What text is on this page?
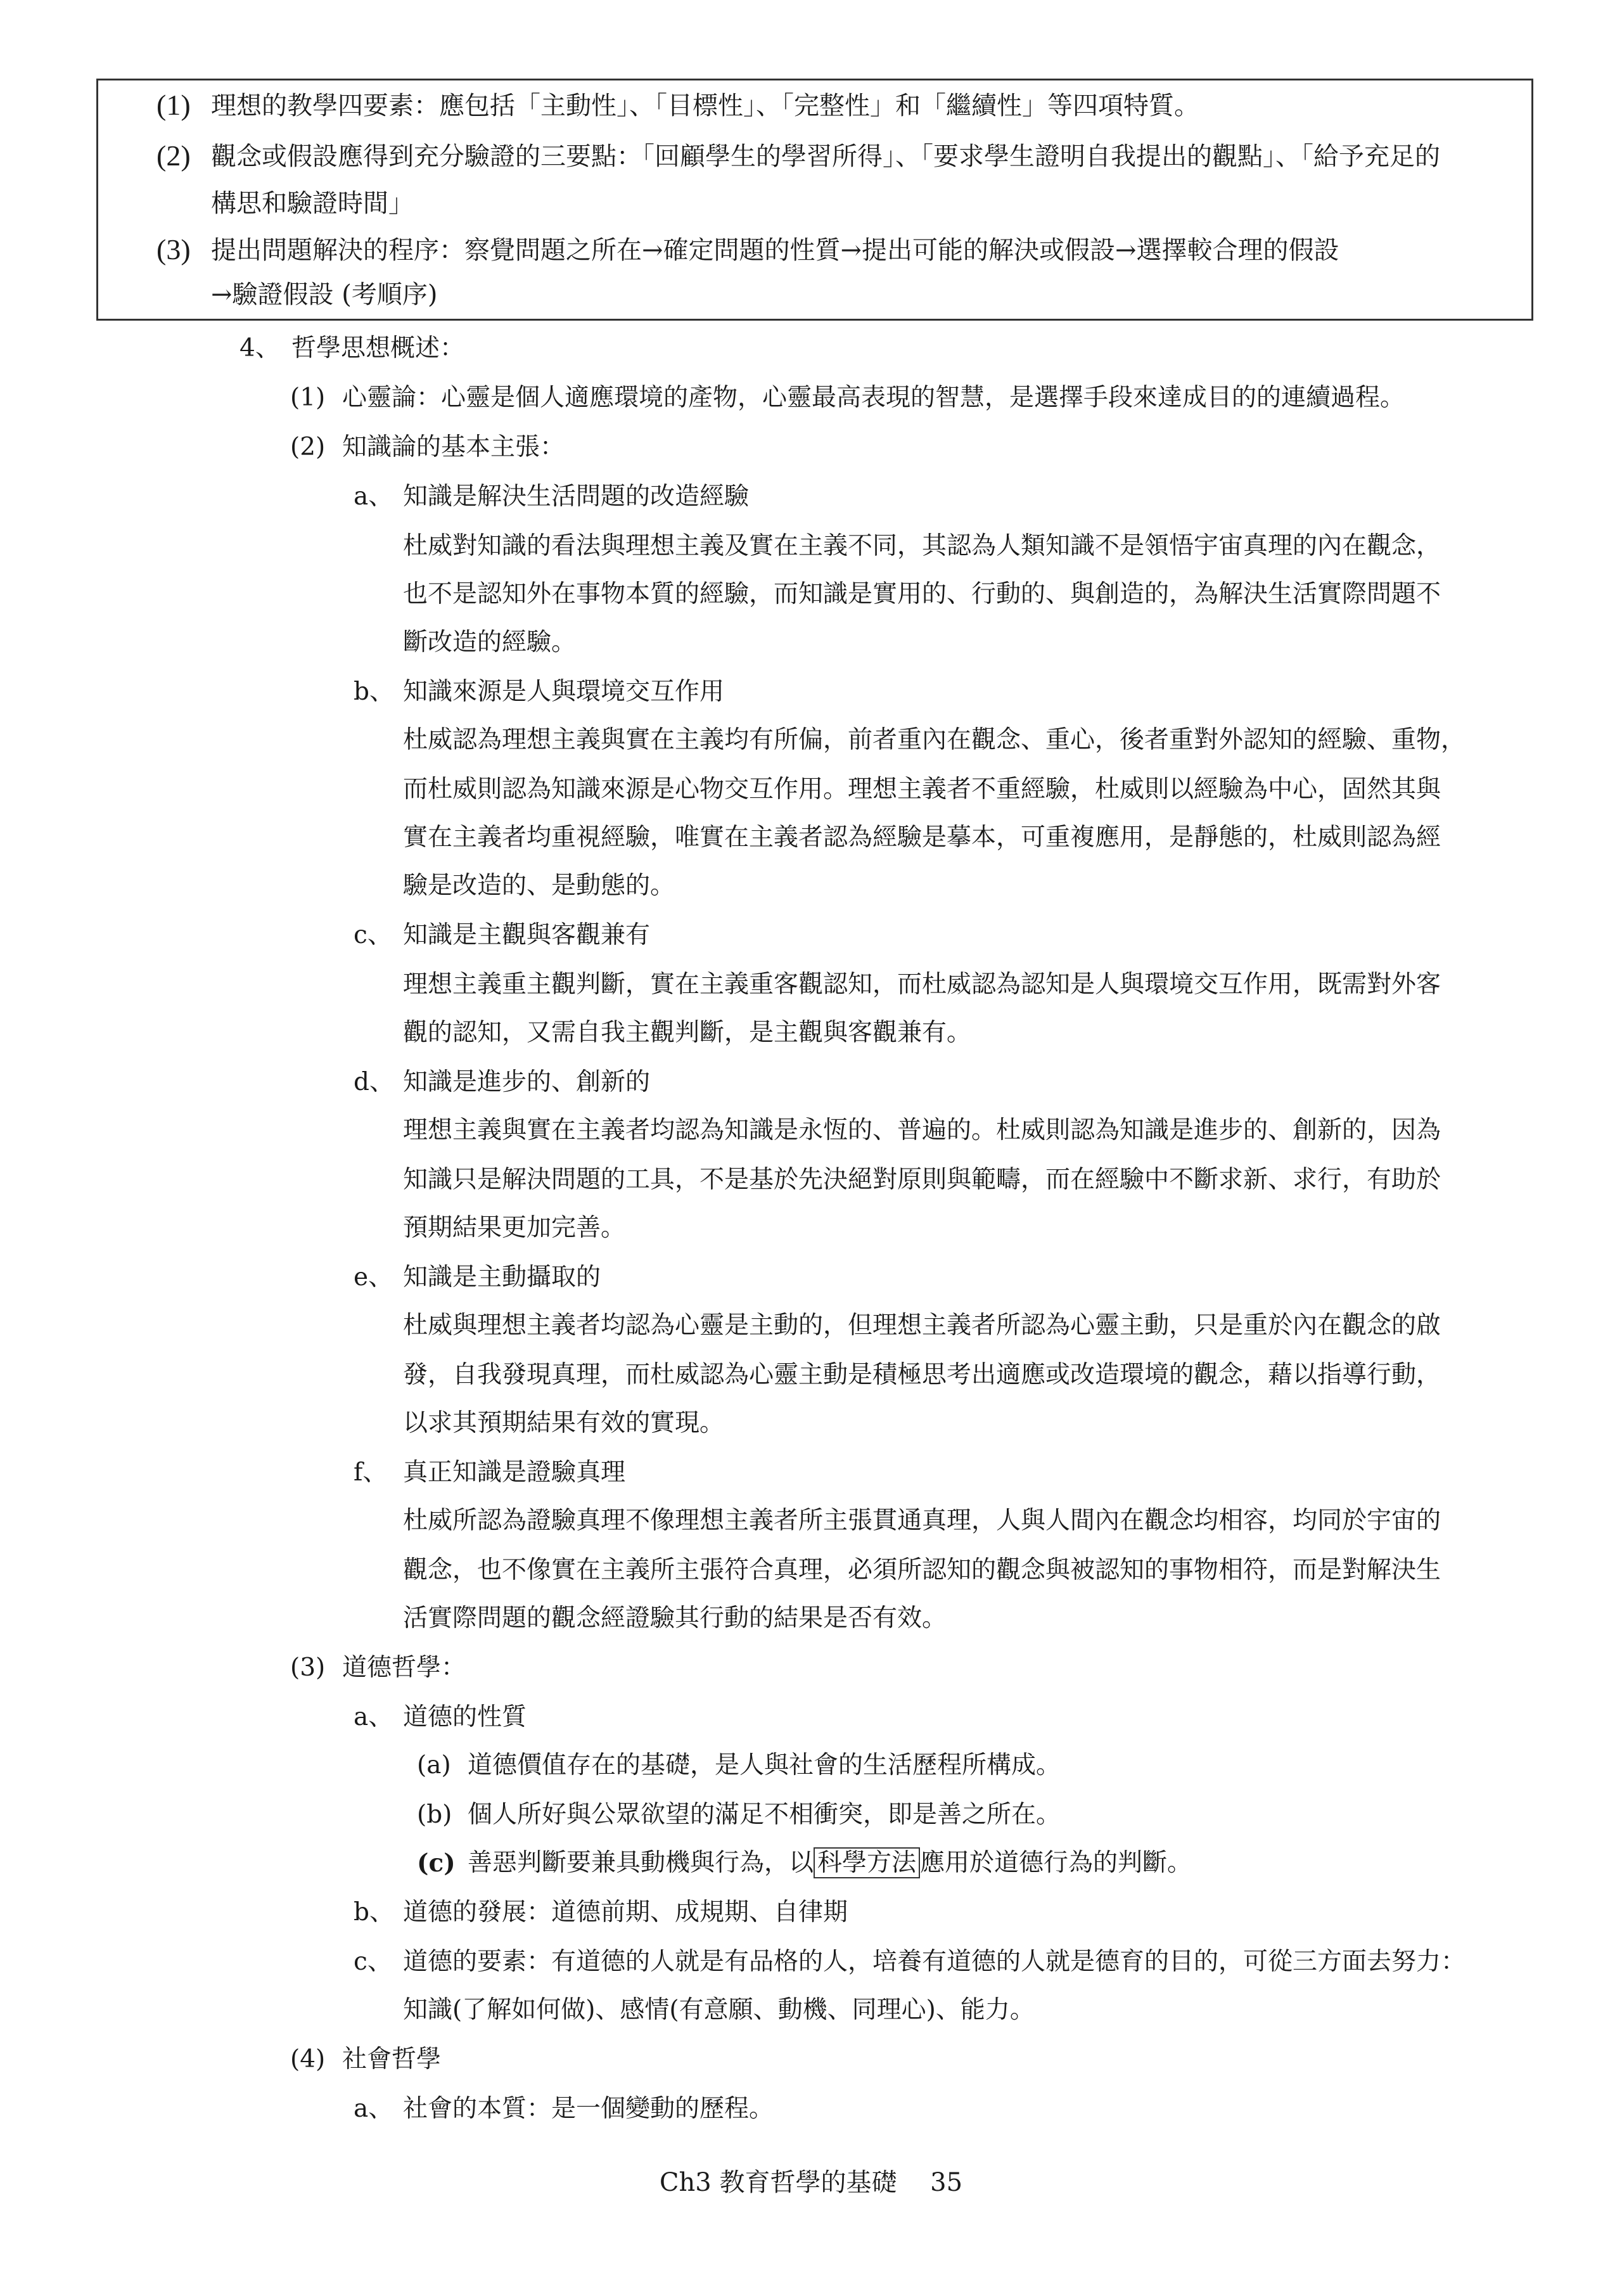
(1) 理想的教學四要素：應包括「主動性」、「目標性」、「完整性」和「繼續性」等四項特質。
(2) 觀念或假設應得到充分驗證的三要點：「回顧學生的學習所得」、「要求學生證明自我提出的觀點」、「給予充足的
構思和驗證時間」
(3) 提出問題解決的程序：察覺問題之所在→確定問題的性質→提出可能的解決或假設→選擇較合理的假設
→驗證假設 (考順序)
4、 哲學思想概述：
(1) 心靈論：心靈是個人適應環境的產物，心靈最高表現的智慧，是選擇手段來達成目的的連續過程。
(2) 知識論的基本主張：
a、 知識是解決生活問題的改造經驗
杜威對知識的看法與理想主義及實在主義不同，其認為人類知識不是領悟宇宙真理的內在觀念，
也不是認知外在事物本質的經驗，而知識是實用的、行動的、與創造的，為解決生活實際問題不
斷改造的經驗。
b、 知識來源是人與環境交互作用
杜威認為理想主義與實在主義均有所偏，前者重內在觀念、重心，後者重對外認知的經驗、重物，
而杜威則認為知識來源是心物交互作用。理想主義者不重經驗，杜威則以經驗為中心，固然其與
實在主義者均重視經驗，唯實在主義者認為經驗是摹本，可重複應用，是靜態的，杜威則認為經
驗是改造的、是動態的。
c、 知識是主觀與客觀兼有
理想主義重主觀判斷，實在主義重客觀認知，而杜威認為認知是人與環境交互作用，既需對外客
觀的認知，又需自我主觀判斷，是主觀與客觀兼有。
d、 知識是進步的、創新的
理想主義與實在主義者均認為知識是永恆的、普遍的。杜威則認為知識是進步的、創新的，因為
知識只是解決問題的工具，不是基於先決絕對原則與範疇，而在經驗中不斷求新、求行，有助於
預期結果更加完善。
e、 知識是主動攝取的
杜威與理想主義者均認為心靈是主動的，但理想主義者所認為心靈主動，只是重於內在觀念的啟
發，自我發現真理，而杜威認為心靈主動是積極思考出適應或改造環境的觀念，藉以指導行動，
以求其預期結果有效的實現。
f、 真正知識是證驗真理
杜威所認為證驗真理不像理想主義者所主張貫通真理，人與人間內在觀念均相容，均同於宇宙的
觀念，也不像實在主義所主張符合真理，必須所認知的觀念與被認知的事物相符，而是對解決生
活實際問題的觀念經證驗其行動的結果是否有效。
(3) 道德哲學：
a、 道德的性質
(a) 道德價值存在的基礎，是人與社會的生活歷程所構成。
(b) 個人所好與公眾欲望的滿足不相衝突，即是善之所在。
(c) 善惡判斷要兼具動機與行為，以 科學方法 應用於道德行為的判斷。
b、 道德的發展：道德前期、成規期、自律期
c、 道德的要素：有道德的人就是有品格的人，培養有道德的人就是德育的目的，可從三方面去努力：
知識(了解如何做)、感情(有意願、動機、同理心)、能力。
(4) 社會哲學
a、 社會的本質：是一個變動的歷程。
Ch3 教育哲學的基礎　 35
